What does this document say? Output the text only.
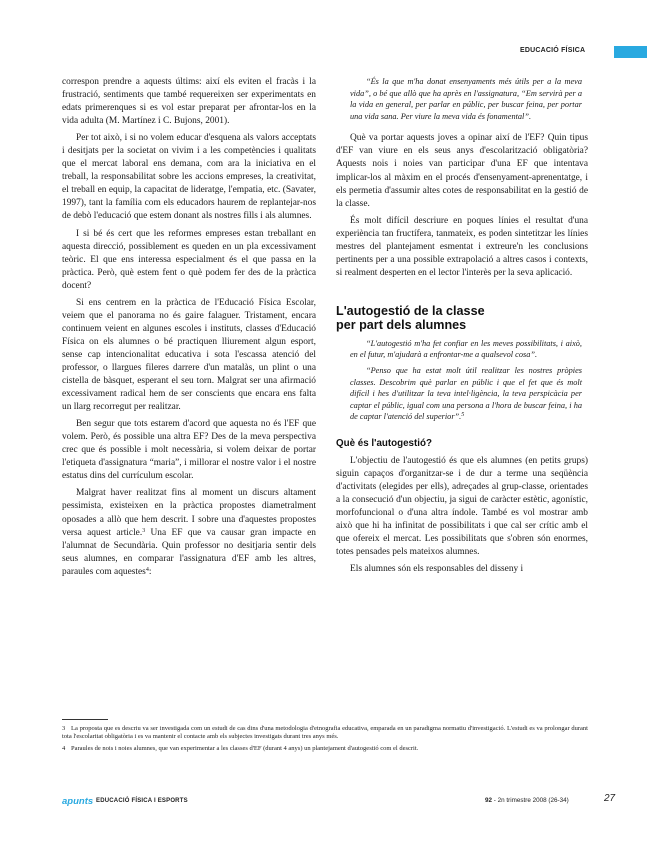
EDUCACIÓ FÍSICA

correspon prendre a aquests últims: així els eviten el fracàs i la frustració, sentiments que també requereixen ser experimentats en edats primerenques si es vol estar preparat per afrontar-los en la vida adulta (M. Martínez i C. Bujons, 2001).

Per tot això, i si no volem educar d'esquena als valors acceptats i desitjats per la societat on vivim i a les competències i qualitats que el mercat laboral ens demana, com ara la iniciativa en el treball, la responsabilitat sobre les accions empreses, la creativitat, el treball en equip, la capacitat de lideratge, l'empatia, etc. (Savater, 1997), tant la família com els educadors haurem de replantejar-nos de debò l'educació que estem donant als nostres fills i als alumnes.

I si bé és cert que les reformes empreses estan treballant en aquesta direcció, possiblement es queden en un pla excessivament teòric. El que ens interessa especialment és el que passa en la pràctica. Però, què estem fent o què podem fer des de la pràctica docent?

Si ens centrem en la pràctica de l'Educació Física Escolar, veiem que el panorama no és gaire falaguer. Tristament, encara continuem veient en algunes escoles i instituts, classes d'Educació Física on els alumnes o bé practiquen lliurement algun esport, sense cap intencionalitat educativa i sota l'escassa atenció del professor, o llargues fileres darrere d'un matalàs, un plint o una cistella de bàsquet, esperant el seu torn. Malgrat ser una afirmació excessivament radical hem de ser conscients que encara ens falta un llarg recorregut per realitzar.

Ben segur que tots estarem d'acord que aquesta no és l'EF que volem. Però, és possible una altra EF? Des de la meva perspectiva crec que és possible i molt necessària, si volem deixar de portar l'etiqueta d'assignatura “maria”, i millorar el nostre valor i el nostre estatus dins del currículum escolar.

Malgrat haver realitzat fins al moment un discurs altament pessimista, existeixen en la pràctica propostes diametralment oposades a allò que hem descrit. I sobre una d'aquestes propostes versa aquest article.$^3$ Una EF que va causar gran impacte en l'alumnat de Secundària. Quin professor no desitjaria sentir dels seus alumnes, en comparar l'assignatura d'EF amb les altres, paraules com aquestes$^4$:

“És la que m'ha donat ensenyaments més útils per a la meva vida”, o bé que allò que ha après en l'assignatura, “Em servirà per a la vida en general, per parlar en públic, per buscar feina, per portar una vida sana. Per viure la meva vida és fonamental”.

Què va portar aquests joves a opinar així de l'EF? Quin tipus d'EF van viure en els seus anys d'escolarització obligatòria? Aquests nois i noies van participar d'una EF que intentava implicar-los al màxim en el procés d'ensenyament-aprenentatge, i els permetia d'assumir altes cotes de responsabilitat en la gestió de la classe.

És molt difícil descriure en poques línies el resultat d'una experiència tan fructífera, tanmateix, es poden sintetitzar les línies mestres del plantejament esmentat i extreure'n les conclusions pertinents per a una possible extrapolació a altres casos i contexts, si realment desperten en el lector l'interès per la seva aplicació.

L'autogestió de la classe
per part dels alumnes

“L'autogestió m'ha fet confiar en les meves possibilitats, i això, en el futur, m'ajudarà a enfrontar-me a qualsevol cosa”.

“Penso que ha estat molt útil realitzar les nostres pròpies classes. Descobrim què parlar en públic i que el fet que és molt difícil i hes d'utilitzar la teva intel·ligència, la teva perspicàcia per captar el públic, igual com una persona a l'hora de buscar feina, i ha de captar l'atenció del superior”.$^5$

Què és l'autogestió?

L'objectiu de l'autogestió és que els alumnes (en petits grups) siguin capaços d'organitzar-se i de dur a terme una seqüència d'activitats (elegides per ells), adreçades al grup-classe, orientades a la consecució d'un objectiu, ja sigui de caràcter estètic, agonístic, morfofuncional o d'una altra índole. També es vol mostrar amb això que hi ha infinitat de possibilitats i que cal ser crític amb el que ofereix el mercat. Les possibilitats que s'obren són enormes, totes pensades pels mateixos alumnes.

Els alumnes són els responsables del disseny i

3 La proposta que es descriu va ser investigada com un estudi de cas dins d'una metodologia d'etnografia educativa, emparada en un paradigma normatiu d'investigació. L'estudi es va prolongar durant tota l'escolaritat obligatòria i es va mantenir el contacte amb els subjectes investigats durant tres anys més.

4 Paraules de nois i noies alumnes, que van experimentar a les classes d'EF (durant 4 anys) un plantejament d'autogestió com el descrit.

apunts EDUCACIÓ FÍSICA I ESPORTS	92 - 2n trimestre 2008 (26-34)	27
